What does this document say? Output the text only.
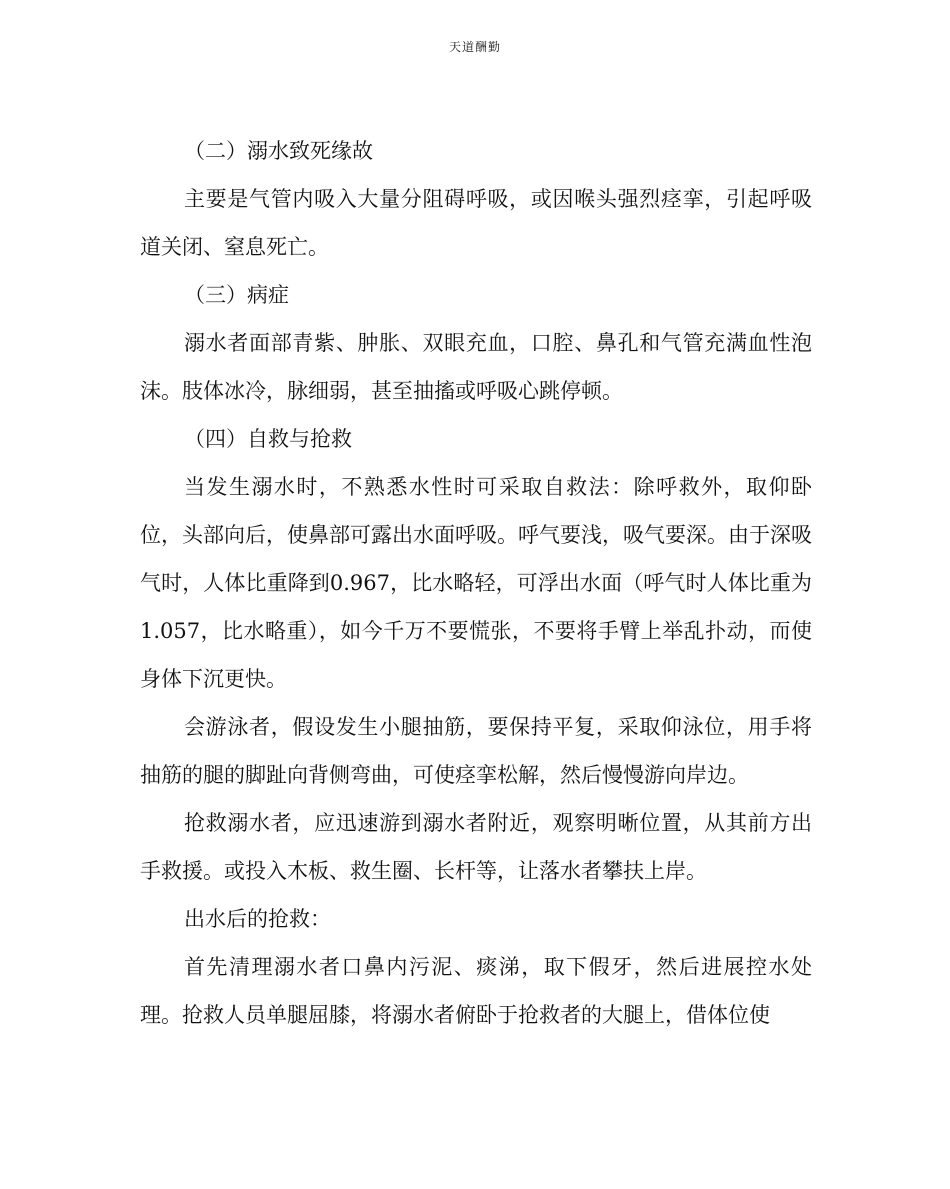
天道酬勤

（二）溺水致死缘故

主要是气管内吸入大量分阻碍呼吸，或因喉头强烈痉挛，引起呼吸道关闭、窒息死亡。

（三）病症

溺水者面部青紫、肿胀、双眼充血，口腔、鼻孔和气管充满血性泡沫。肢体冰冷，脉细弱，甚至抽搐或呼吸心跳停顿。

（四）自救与抢救

当发生溺水时，不熟悉水性时可采取自救法：除呼救外，取仰卧位，头部向后，使鼻部可露出水面呼吸。呼气要浅，吸气要深。由于深吸气时，人体比重降到0.967，比水略轻，可浮出水面（呼气时人体比重为1.057，比水略重），如今千万不要慌张，不要将手臂上举乱扑动，而使身体下沉更快。

会游泳者，假设发生小腿抽筋，要保持平复，采取仰泳位，用手将抽筋的腿的脚趾向背侧弯曲，可使痉挛松解，然后慢慢游向岸边。

抢救溺水者，应迅速游到溺水者附近，观察明晰位置，从其前方出手救援。或投入木板、救生圈、长杆等，让落水者攀扶上岸。

出水后的抢救：

首先清理溺水者口鼻内污泥、痰涕，取下假牙，然后进展控水处理。抢救人员单腿屈膝，将溺水者俯卧于抢救者的大腿上，借体位使
